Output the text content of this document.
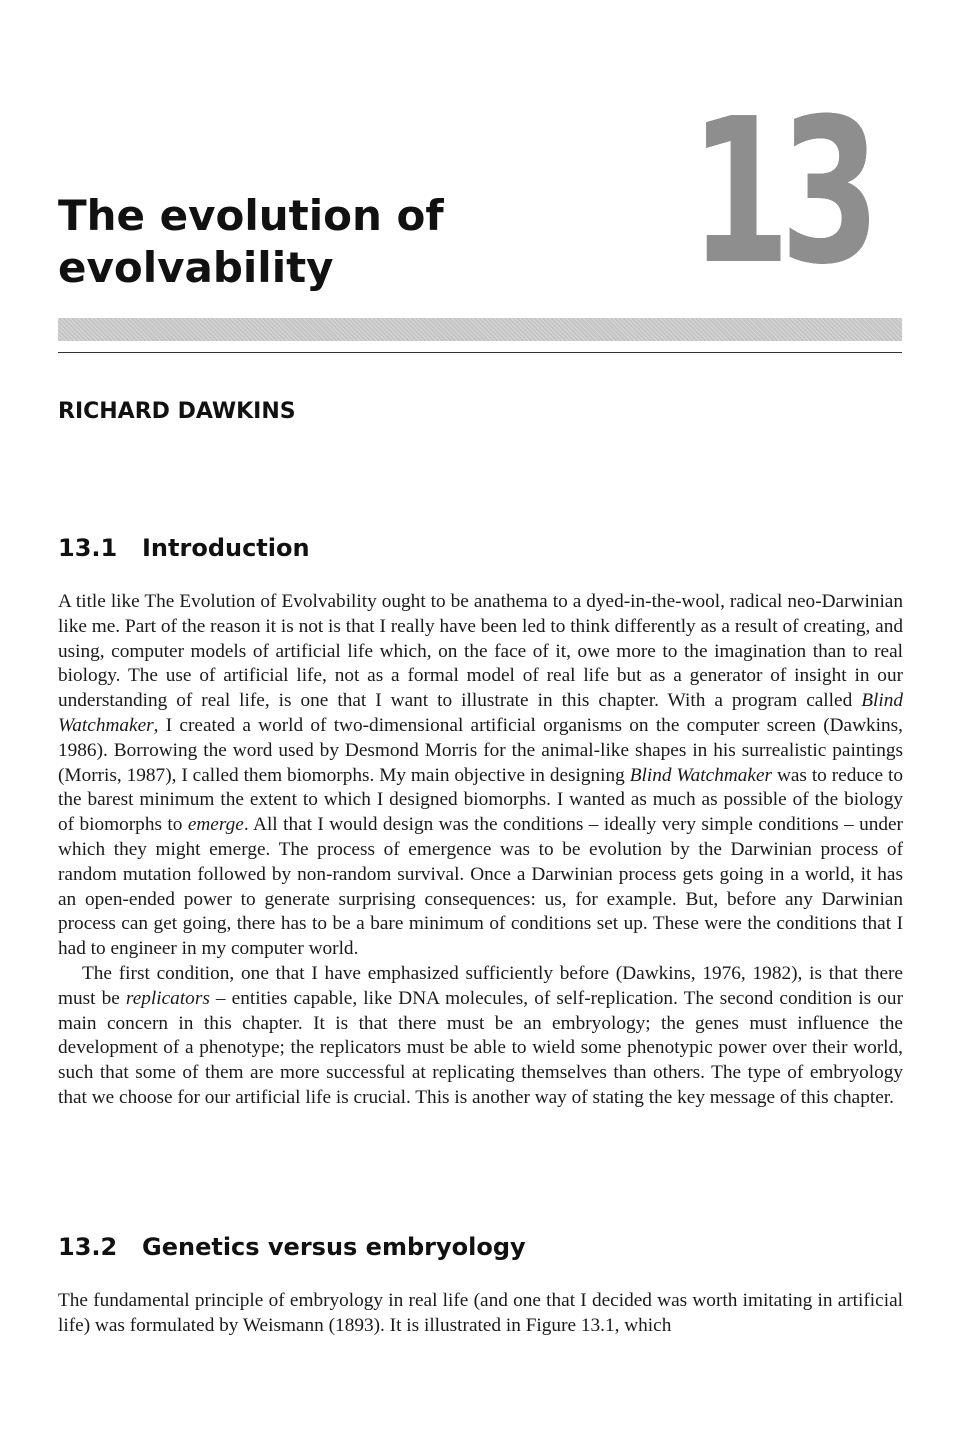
The evolution of evolvability	13
RICHARD DAWKINS
13.1 Introduction

A title like The Evolution of Evolvability ought to be anathema to a dyed-in-the-wool, radical neo-Darwinian like me. Part of the reason it is not is that I really have been led to think differently as a result of creating, and using, computer models of artificial life which, on the face of it, owe more to the imagination than to real biology. The use of artificial life, not as a formal model of real life but as a generator of insight in our understanding of real life, is one that I want to illustrate in this chapter. With a program called Blind Watchmaker, I created a world of two-dimensional artificial organisms on the computer screen (Dawkins, 1986). Borrowing the word used by Desmond Morris for the animal-like shapes in his surrealistic paintings (Morris, 1987), I called them biomorphs. My main objective in designing Blind Watchmaker was to reduce to the barest minimum the extent to which I designed biomorphs. I wanted as much as possible of the biology of biomorphs to emerge. All that I would design was the conditions – ideally very simple conditions – under which they might emerge. The process of emergence was to be evolution by the Darwinian process of random mutation followed by non-random survival. Once a Darwinian process gets going in a world, it has an open-ended power to generate surprising consequences: us, for example. But, before any Darwinian process can get going, there has to be a bare minimum of conditions set up. These were the conditions that I had to engineer in my computer world.

The first condition, one that I have emphasized sufficiently before (Dawkins, 1976, 1982), is that there must be replicators – entities capable, like DNA molecules, of self-replication. The second condition is our main concern in this chapter. It is that there must be an embryology; the genes must influence the development of a phenotype; the replicators must be able to wield some phenotypic power over their world, such that some of them are more successful at replicating themselves than others. The type of embryology that we choose for our artificial life is crucial. This is another way of stating the key message of this chapter.

13.2 Genetics versus embryology

The fundamental principle of embryology in real life (and one that I decided was worth imitating in artificial life) was formulated by Weismann (1893). It is illustrated in Figure 13.1, which
